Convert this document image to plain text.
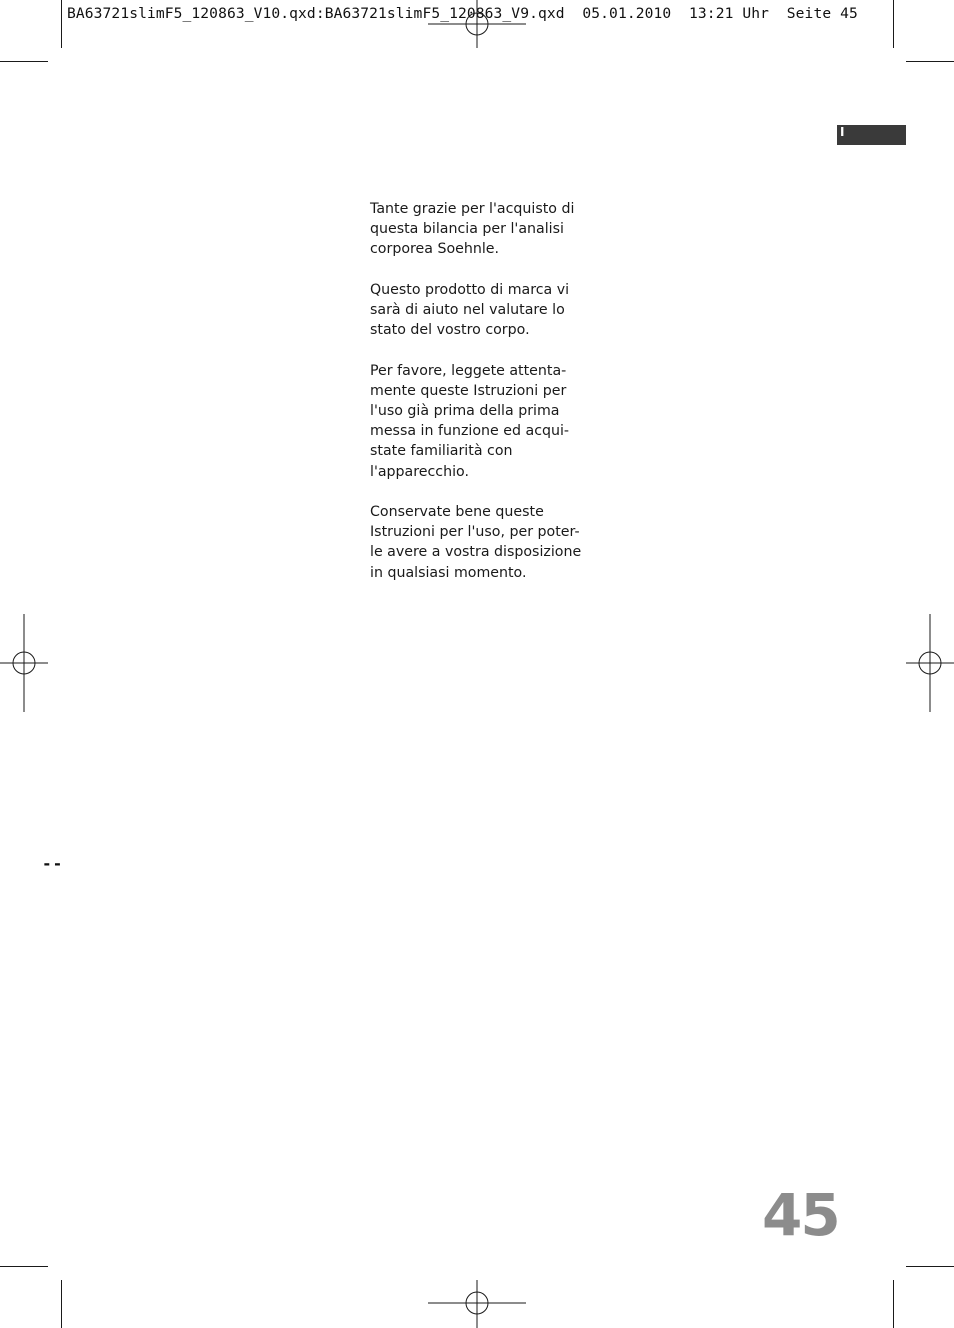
BA63721slimF5_120863_V10.qxd:BA63721slimF5_120863_V9.qxd  05.01.2010  13:21 Uhr  Seite 45
I

Tante grazie per l'acquisto di
questa bilancia per l'analisi
corporea Soehnle.

Questo prodotto di marca vi
sarà di aiuto nel valutare lo
stato del vostro corpo.

Per favore, leggete attenta-
mente queste Istruzioni per
l'uso già prima della prima
messa in funzione ed acqui-
state familiarità con
l'apparecchio.

Conservate bene queste
Istruzioni per l'uso, per poter-
le avere a vostra disposizione
in qualsiasi momento.

--
45
